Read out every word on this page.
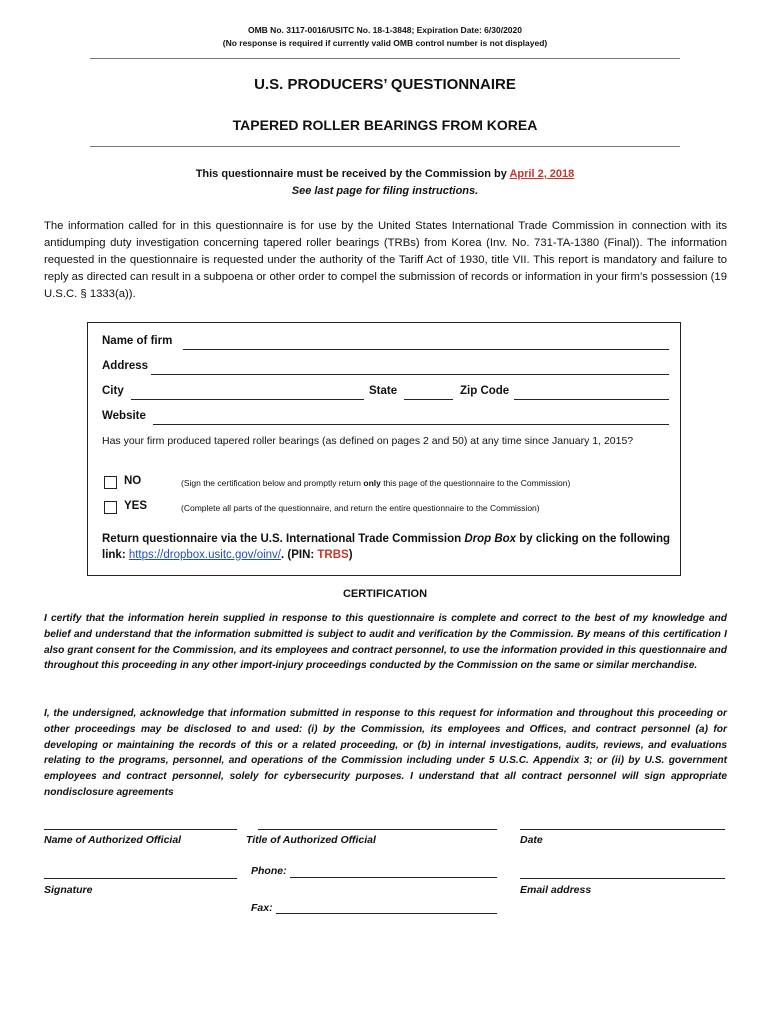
OMB No. 3117-0016/USITC No. 18-1-3848; Expiration Date: 6/30/2020
(No response is required if currently valid OMB control number is not displayed)
U.S. PRODUCERS’ QUESTIONNAIRE
TAPERED ROLLER BEARINGS FROM KOREA
This questionnaire must be received by the Commission by April 2, 2018
See last page for filing instructions.

The information called for in this questionnaire is for use by the United States International Trade Commission in connection with its antidumping duty investigation concerning tapered roller bearings (TRBs) from Korea (Inv. No. 731-TA-1380 (Final)). The information requested in the questionnaire is requested under the authority of the Tariff Act of 1930, title VII. This report is mandatory and failure to reply as directed can result in a subpoena or other order to compel the submission of records or information in your firm’s possession (19 U.S.C. § 1333(a)).

Name of firm
Address
City	State	Zip Code
Website

Has your firm produced tapered roller bearings (as defined on pages 2 and 50) at any time since January 1, 2015?

NO	(Sign the certification below and promptly return only this page of the questionnaire to the Commission)
YES	(Complete all parts of the questionnaire, and return the entire questionnaire to the Commission)

Return questionnaire via the U.S. International Trade Commission Drop Box by clicking on the following link: https://dropbox.usitc.gov/oinv/. (PIN: TRBS)

CERTIFICATION

I certify that the information herein supplied in response to this questionnaire is complete and correct to the best of my knowledge and belief and understand that the information submitted is subject to audit and verification by the Commission. By means of this certification I also grant consent for the Commission, and its employees and contract personnel, to use the information provided in this questionnaire and throughout this proceeding in any other import-injury proceedings conducted by the Commission on the same or similar merchandise.

I, the undersigned, acknowledge that information submitted in response to this request for information and throughout this proceeding or other proceedings may be disclosed to and used: (i) by the Commission, its employees and Offices, and contract personnel (a) for developing or maintaining the records of this or a related proceeding, or (b) in internal investigations, audits, reviews, and evaluations relating to the programs, personnel, and operations of the Commission including under 5 U.S.C. Appendix 3; or (ii) by U.S. government employees and contract personnel, solely for cybersecurity purposes. I understand that all contract personnel will sign appropriate nondisclosure agreements

Name of Authorized Official	Title of Authorized Official	Date
Phone:
Signature	Email address
Fax:
